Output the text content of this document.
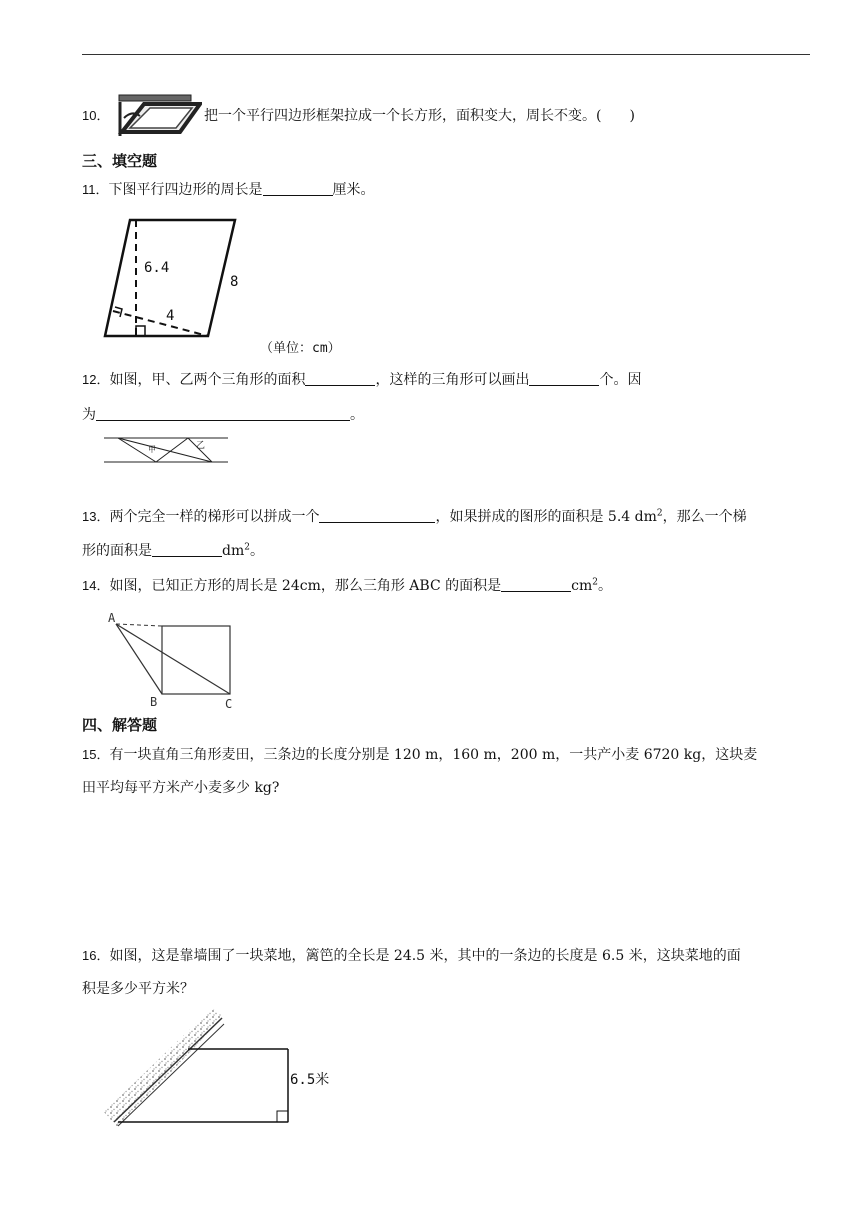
10．	把一个平行四边形框架拉成一个长方形，面积变大，周长不变。(　　)
三、填空题
11．下图平行四边形的周长是	厘米。
6.4
8
4
（单位：cm）
12．如图，甲、乙两个三角形的面积	，这样的三角形可以画出	个。因
为	。
甲	乙
13．两个完全一样的梯形可以拼成一个	，如果拼成的图形的面积是 5.4 $dm^2$，那么一个梯
形的面积是	$dm^2$。
14．如图，已知正方形的周长是 24cm，那么三角形 ABC 的面积是	$cm^2$。
A
B	C
四、解答题
15．有一块直角三角形麦田，三条边的长度分别是 120 m，160 m，200 m，一共产小麦 6720 kg，这块麦
田平均每平方米产小麦多少 kg?
16．如图，这是靠墙围了一块菜地，篱笆的全长是 24.5 米，其中的一条边的长度是 6.5 米，这块菜地的面
积是多少平方米？
6.5米
